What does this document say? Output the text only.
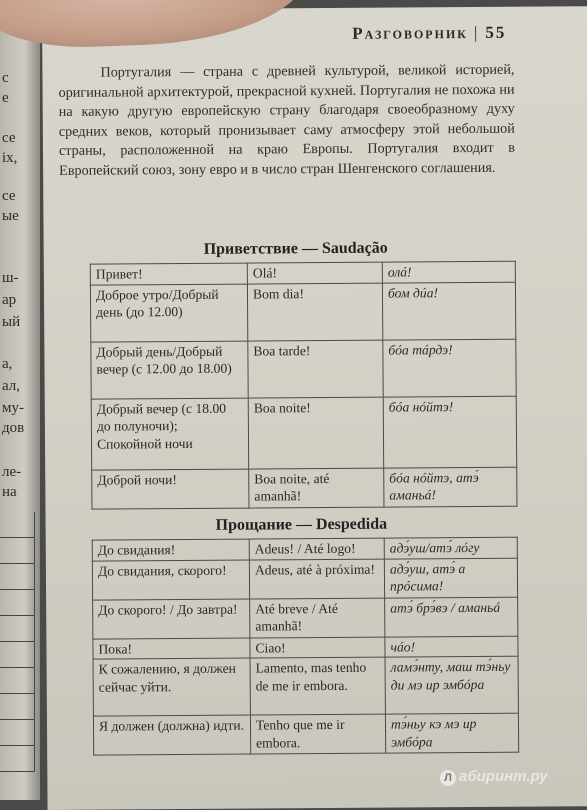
с
е
се
іх,
се
ые
ш-
ар
ый
а,
ал,
му-
дов
ле-
на
Разговорник | 55
Португалия — страна с древней культурой, великой историей, оригинальной архитектурой, прекрасной кухней. Португалия не похожа ни на какую другую европейскую страну благодаря своеобразному духу средних веков, который пронизывает саму атмосферу этой небольшой страны, расположенной на краю Европы. Португалия входит в Европейский союз, зону евро и в число стран Шенгенского соглашения.
Приветствие — Saudação
Привет!	Olá!	олá!
Доброе утро/Добрый день (до 12.00)	Bom dia!	бом дúа!
Добрый день/Добрый вечер (с 12.00 до 18.00)	Boa tarde!	бóа тáрдэ!
Добрый вечер (с 18.00 до полуночи); Спокойной ночи	Boa noite!	бóа нóйтэ!
Доброй ночи!	Boa noite, até amanhã!	бóа нóйтэ, атэ́ аманьá!
Прощание — Despedida
До свидания!	Adeus! / Até logo!	адэ́уш/атэ́ лóгу
До свидания, скорого!	Adeus, até à próxima!	адэ́уш, атэ́ а прóсима!
До скорого! / До завтра!	Até breve / Até amanhã!	атэ́ брэ́вэ / аманьá
Пока!	Ciao!	чáо!
К сожалению, я должен сейчас уйти.	Lamento, mas tenho de me ir embora.	ламэ́нту, маш тэ́ньу ди мэ ир эмбóра
Я должен (должна) идти.	Tenho que me ir embora.	тэ́ньу кэ мэ ир эмбóра
Л абиринт.ру
